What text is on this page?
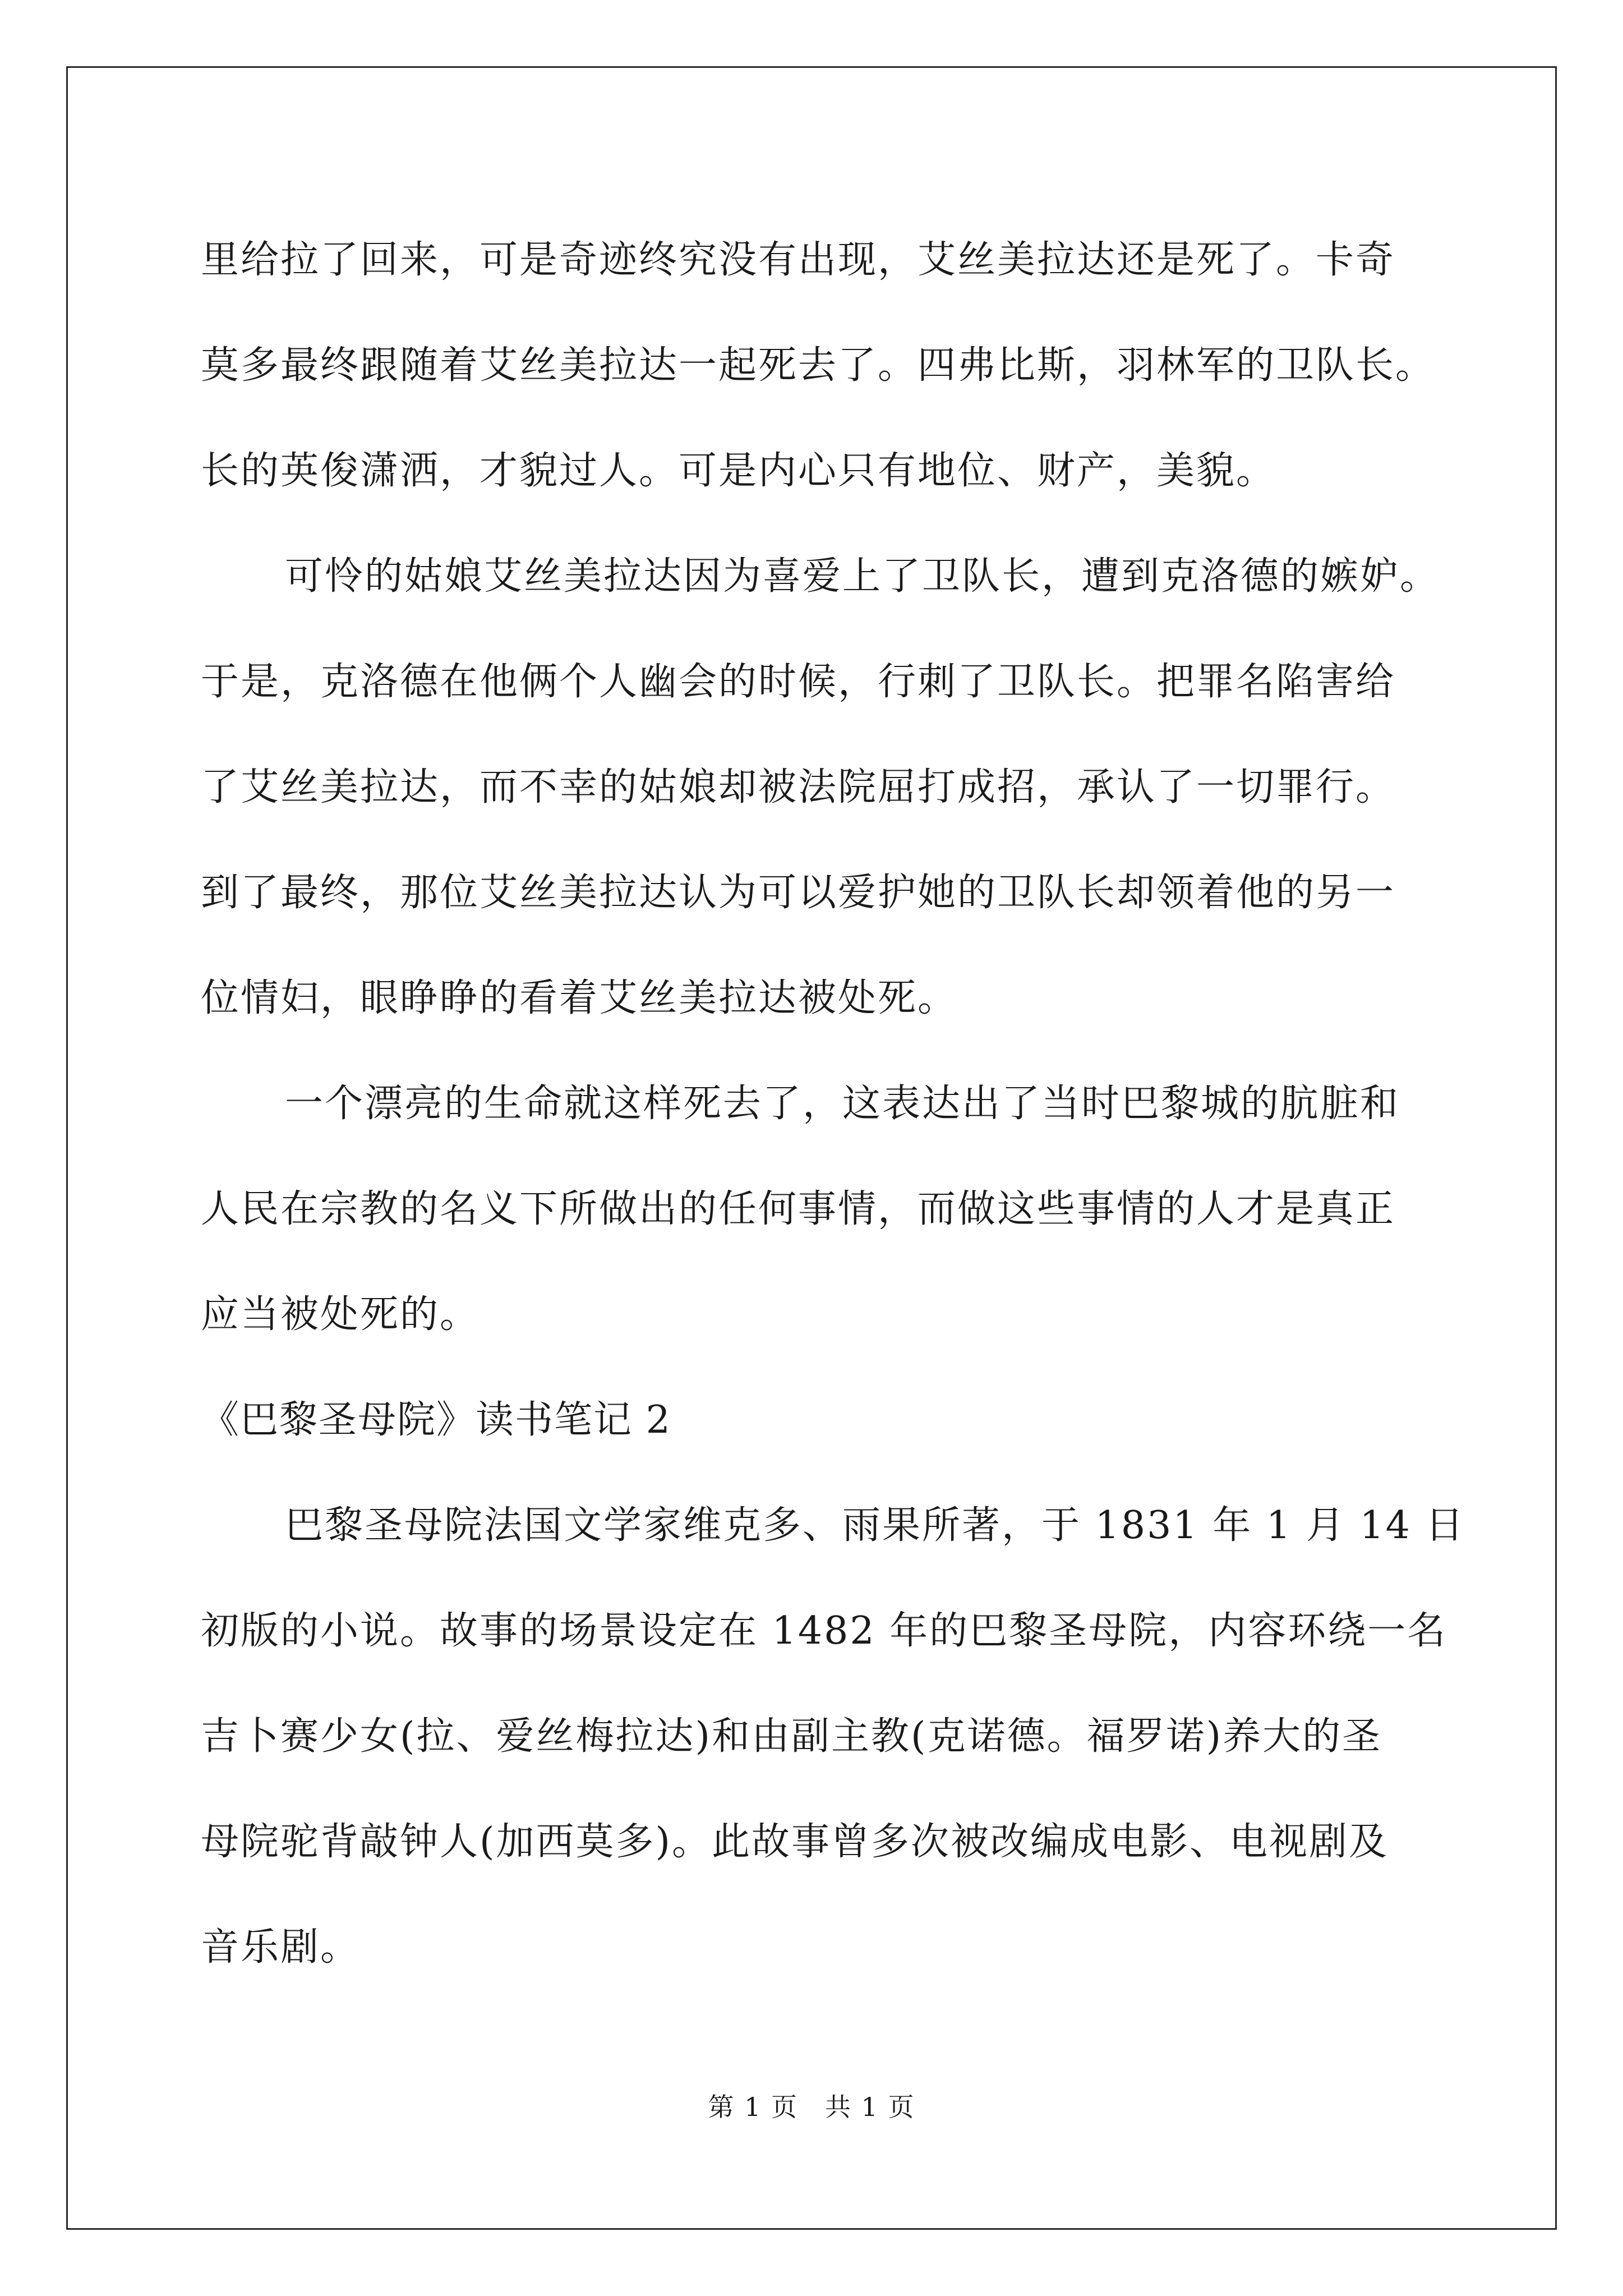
里给拉了回来，可是奇迹终究没有出现，艾丝美拉达还是死了。卡奇

莫多最终跟随着艾丝美拉达一起死去了。四弗比斯，羽林军的卫队长。

长的英俊潇洒，才貌过人。可是内心只有地位、财产，美貌。

可怜的姑娘艾丝美拉达因为喜爱上了卫队长，遭到克洛德的嫉妒。

于是，克洛德在他俩个人幽会的时候，行刺了卫队长。把罪名陷害给

了艾丝美拉达，而不幸的姑娘却被法院屈打成招，承认了一切罪行。

到了最终，那位艾丝美拉达认为可以爱护她的卫队长却领着他的另一

位情妇，眼睁睁的看着艾丝美拉达被处死。

一个漂亮的生命就这样死去了，这表达出了当时巴黎城的肮脏和

人民在宗教的名义下所做出的任何事情，而做这些事情的人才是真正

应当被处死的。

《巴黎圣母院》读书笔记 2

巴黎圣母院法国文学家维克多、雨果所著，于 1831 年 1 月 14 日

初版的小说。故事的场景设定在 1482 年的巴黎圣母院，内容环绕一名

吉卜赛少女(拉、爱丝梅拉达)和由副主教(克诺德。福罗诺)养大的圣

母院驼背敲钟人(加西莫多)。此故事曾多次被改编成电影、电视剧及

音乐剧。

第 1 页　共 1 页
